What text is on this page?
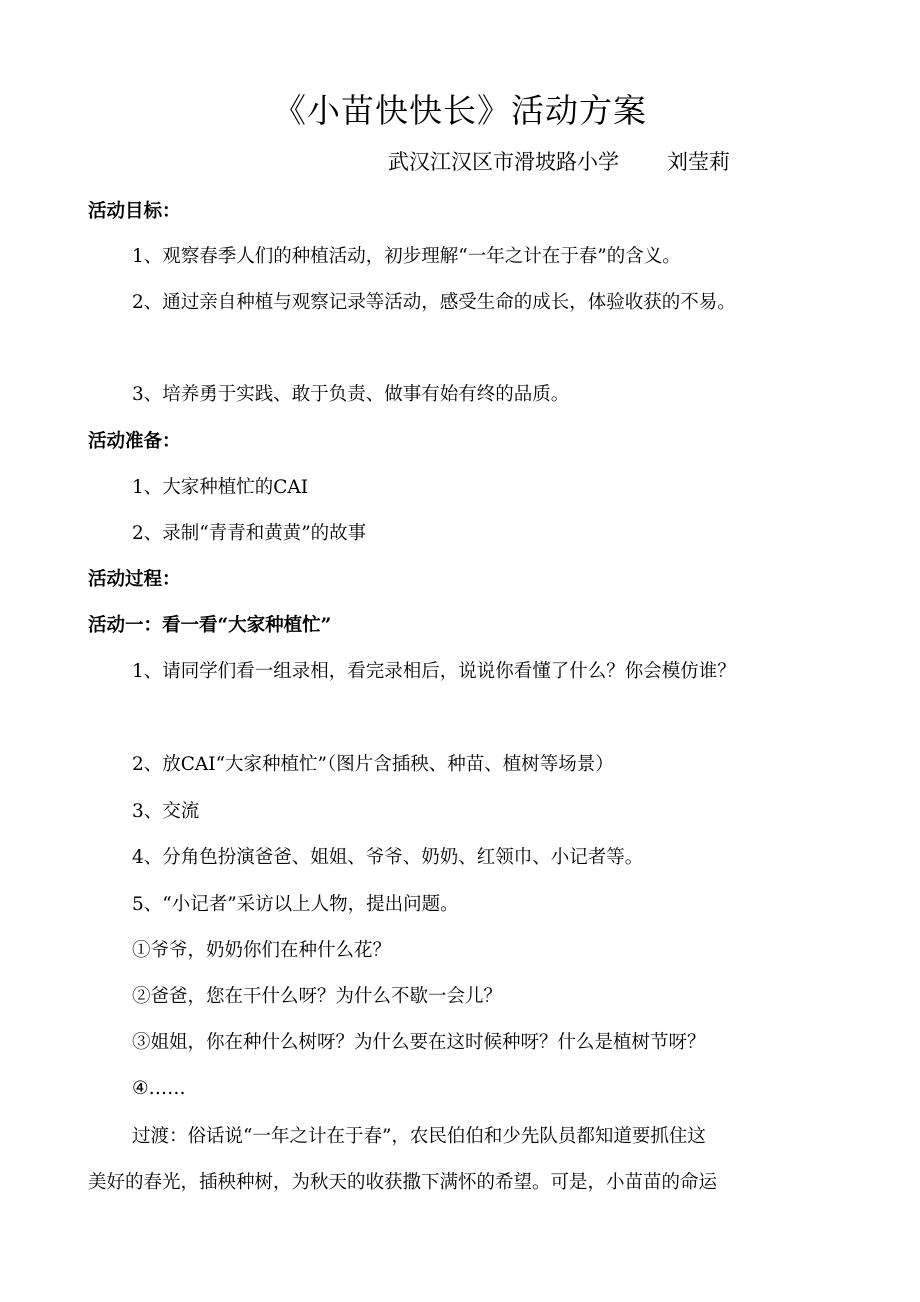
《小苗快快长》活动方案
武汉江汉区市滑坡路小学 刘莹莉
活动目标：
1、观察春季人们的种植活动，初步理解“一年之计在于春”的含义。
2、通过亲自种植与观察记录等活动，感受生命的成长，体验收获的不易。
3、培养勇于实践、敢于负责、做事有始有终的品质。
活动准备：
1、大家种植忙的CAI
2、录制“青青和黄黄”的故事
活动过程：
活动一：看一看“大家种植忙”
1、请同学们看一组录相，看完录相后，说说你看懂了什么？你会模仿谁？
2、放CAI“大家种植忙”（图片含插秧、种苗、植树等场景）
3、交流
4、分角色扮演爸爸、姐姐、爷爷、奶奶、红领巾、小记者等。
5、“小记者”采访以上人物，提出问题。
①爷爷，奶奶你们在种什么花？
②爸爸，您在干什么呀？为什么不歇一会儿？
③姐姐，你在种什么树呀？为什么要在这时候种呀？什么是植树节呀？
④……
过渡：俗话说“一年之计在于春”，农民伯伯和少先队员都知道要抓住这
美好的春光，插秧种树，为秋天的收获撒下满怀的希望。可是，小苗苗的命运
